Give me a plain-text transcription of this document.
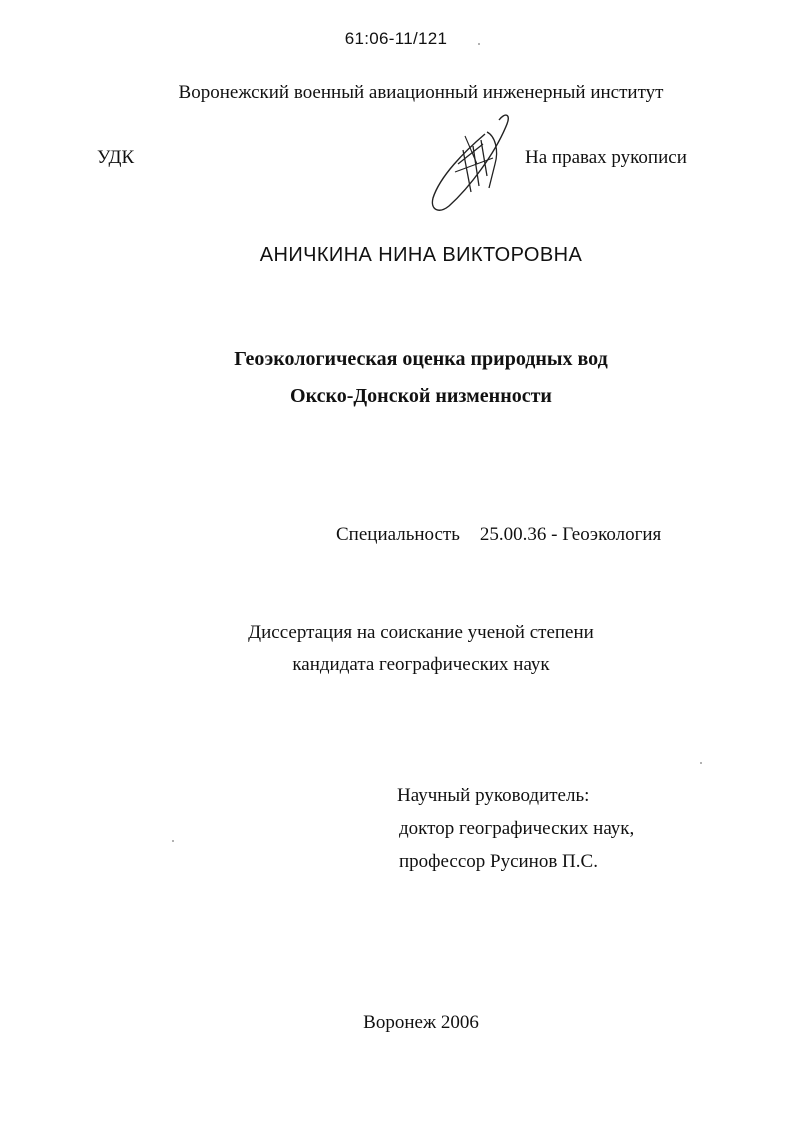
61:06-11/121
Воронежский военный авиационный инженерный институт
УДК	На правах рукописи
АНИЧКИНА НИНА ВИКТОРОВНА
Геоэкологическая оценка природных вод
Окско-Донской низменности
Специальность 25.00.36 - Геоэкология
Диссертация на соискание ученой степени
кандидата географических наук
Научный руководитель:
доктор географических наук,
профессор Русинов П.С.
Воронеж 2006
